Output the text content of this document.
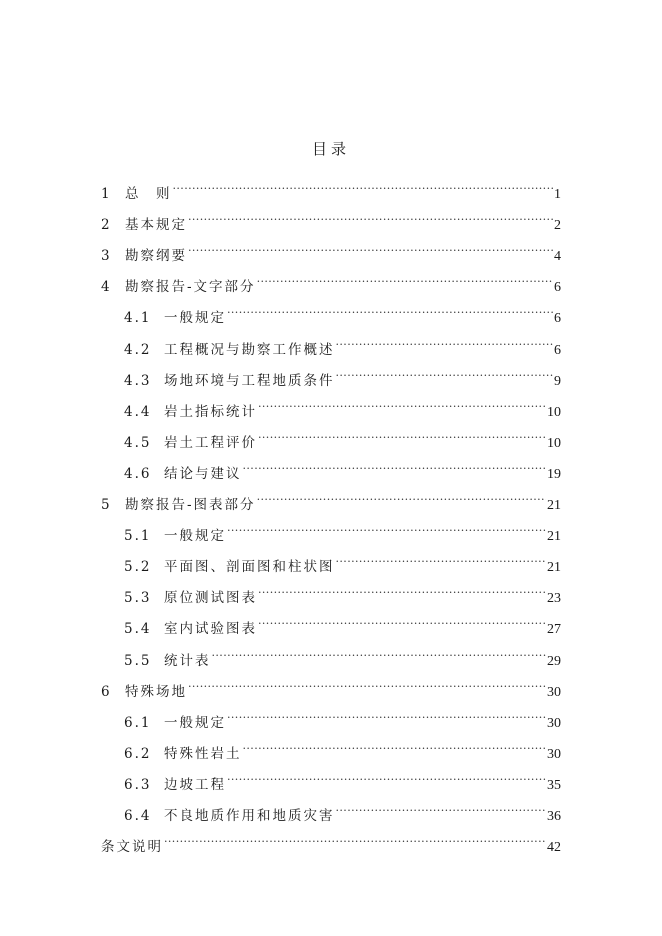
目录
1	总　则 .....	1
2	基本规定 .....	2
3	勘察纲要 .....	4
4	勘察报告-文字部分 .....	6
4.1 一般规定 .....	6
4.2 工程概况与勘察工作概述 .....	6
4.3 场地环境与工程地质条件 .....	9
4.4 岩土指标统计 .....	10
4.5 岩土工程评价 .....	10
4.6 结论与建议 .....	19
5	勘察报告-图表部分 .....	21
5.1 一般规定 .....	21
5.2 平面图、剖面图和柱状图 .....	21
5.3 原位测试图表 .....	23
5.4 室内试验图表 .....	27
5.5 统计表 .....	29
6	特殊场地 .....	30
6.1 一般规定 .....	30
6.2 特殊性岩土 .....	30
6.3 边坡工程 .....	35
6.4 不良地质作用和地质灾害 .....	36
条文说明 .....	42
